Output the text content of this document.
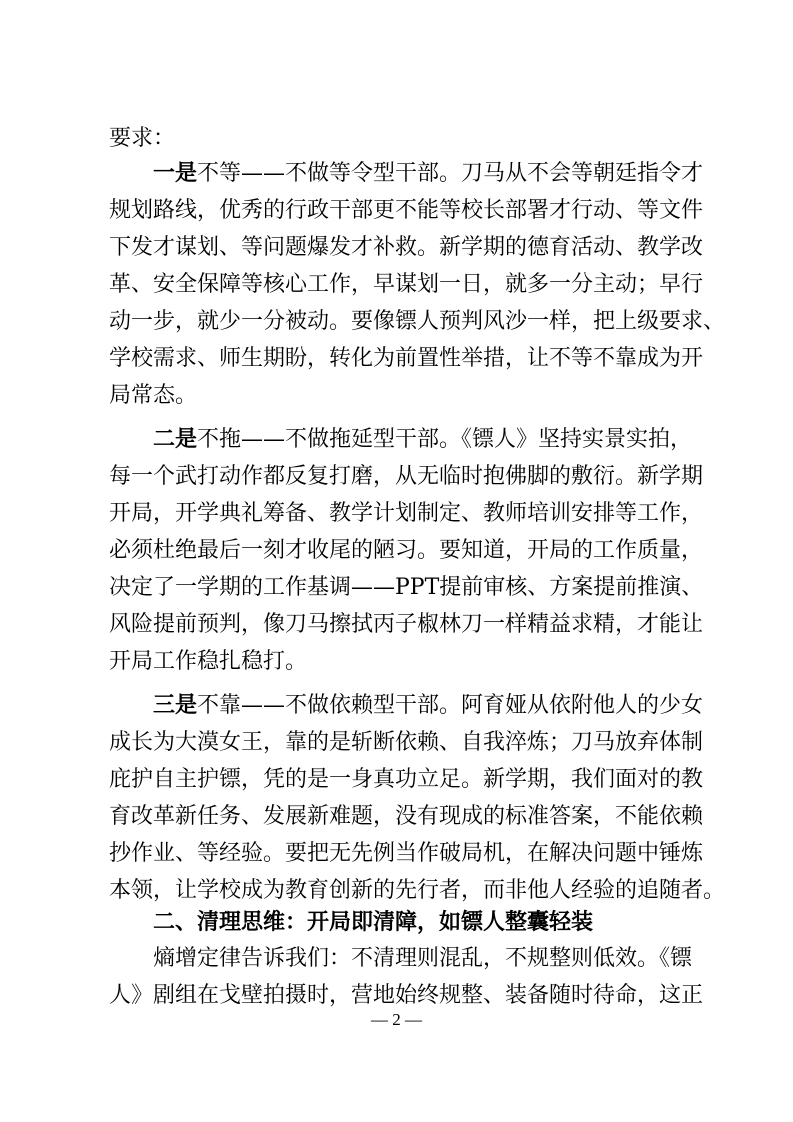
要求：
一是不等——不做等令型干部。刀马从不会等朝廷指令才
规划路线，优秀的行政干部更不能等校长部署才行动、等文件
下发才谋划、等问题爆发才补救。新学期的德育活动、教学改
革、安全保障等核心工作，早谋划一日，就多一分主动；早行
动一步，就少一分被动。要像镖人预判风沙一样，把上级要求、
学校需求、师生期盼，转化为前置性举措，让不等不靠成为开
局常态。
二是不拖——不做拖延型干部。《镖人》坚持实景实拍，
每一个武打动作都反复打磨，从无临时抱佛脚的敷衍。新学期
开局，开学典礼筹备、教学计划制定、教师培训安排等工作，
必须杜绝最后一刻才收尾的陋习。要知道，开局的工作质量，
决定了一学期的工作基调——PPT提前审核、方案提前推演、
风险提前预判，像刀马擦拭丙子椒林刀一样精益求精，才能让
开局工作稳扎稳打。
三是不靠——不做依赖型干部。阿育娅从依附他人的少女
成长为大漠女王，靠的是斩断依赖、自我淬炼；刀马放弃体制
庇护自主护镖，凭的是一身真功立足。新学期，我们面对的教
育改革新任务、发展新难题，没有现成的标准答案，不能依赖
抄作业、等经验。要把无先例当作破局机，在解决问题中锤炼
本领，让学校成为教育创新的先行者，而非他人经验的追随者。
二、清理思维：开局即清障，如镖人整囊轻装
熵增定律告诉我们：不清理则混乱，不规整则低效。《镖
人》剧组在戈壁拍摄时，营地始终规整、装备随时待命，这正
— 2 —
